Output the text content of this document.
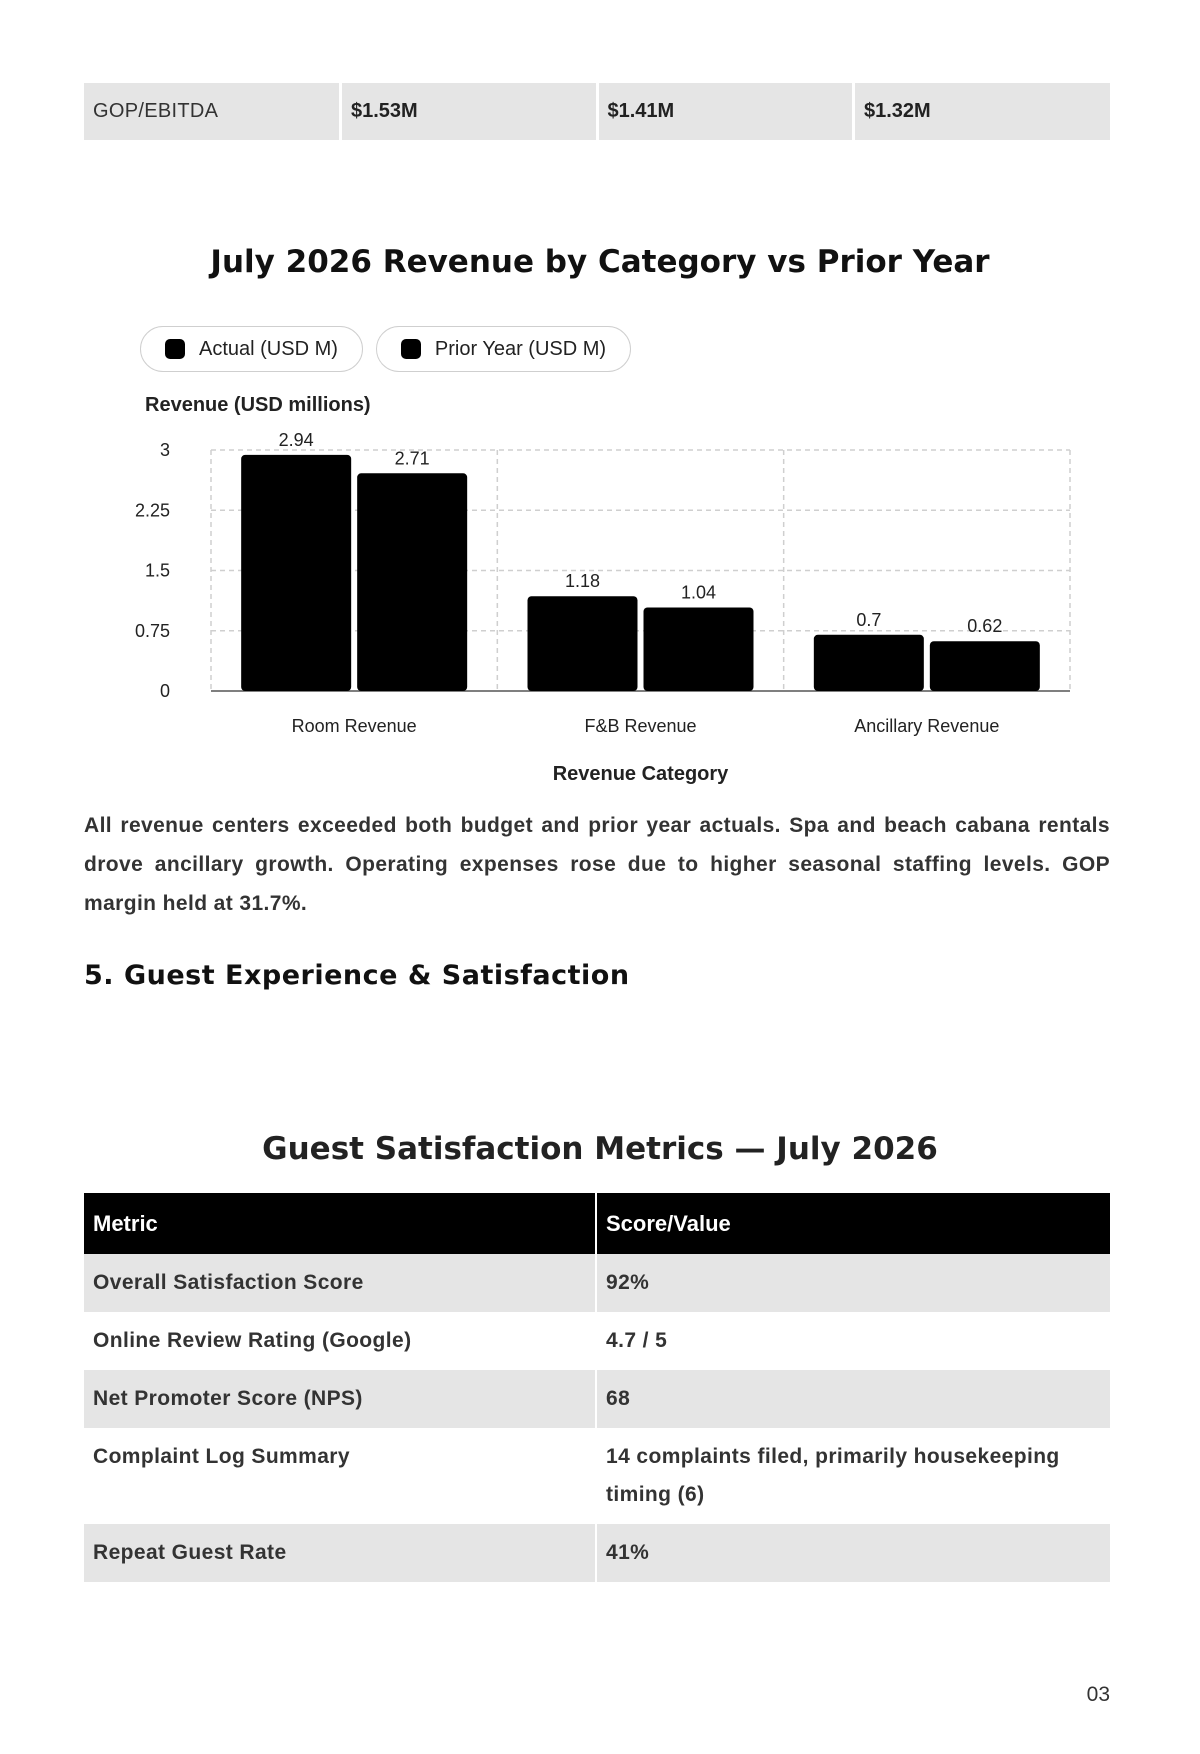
GOP/EBITDA	$1.53M	$1.41M	$1.32M
July 2026 Revenue by Category vs Prior Year
Actual (USD M)	Prior Year (USD M)
Revenue (USD millions)
0
0.75
1.5
2.25
3
2.94
2.71
Room Revenue
1.18
1.04
F&B Revenue
0.7	0.62
Ancillary Revenue
Revenue Category
All revenue centers exceeded both budget and prior year actuals. Spa and beach cabana rentals drove ancillary growth. Operating expenses rose due to higher seasonal staffing levels. GOP margin held at 31.7%.
5. Guest Experience & Satisfaction
Guest Satisfaction Metrics — July 2026
Metric	Score/Value
Overall Satisfaction Score	92%
Online Review Rating (Google)	4.7 / 5
Net Promoter Score (NPS)	68
Complaint Log Summary	14 complaints filed, primarily housekeeping timing (6)
Repeat Guest Rate	41%
03
